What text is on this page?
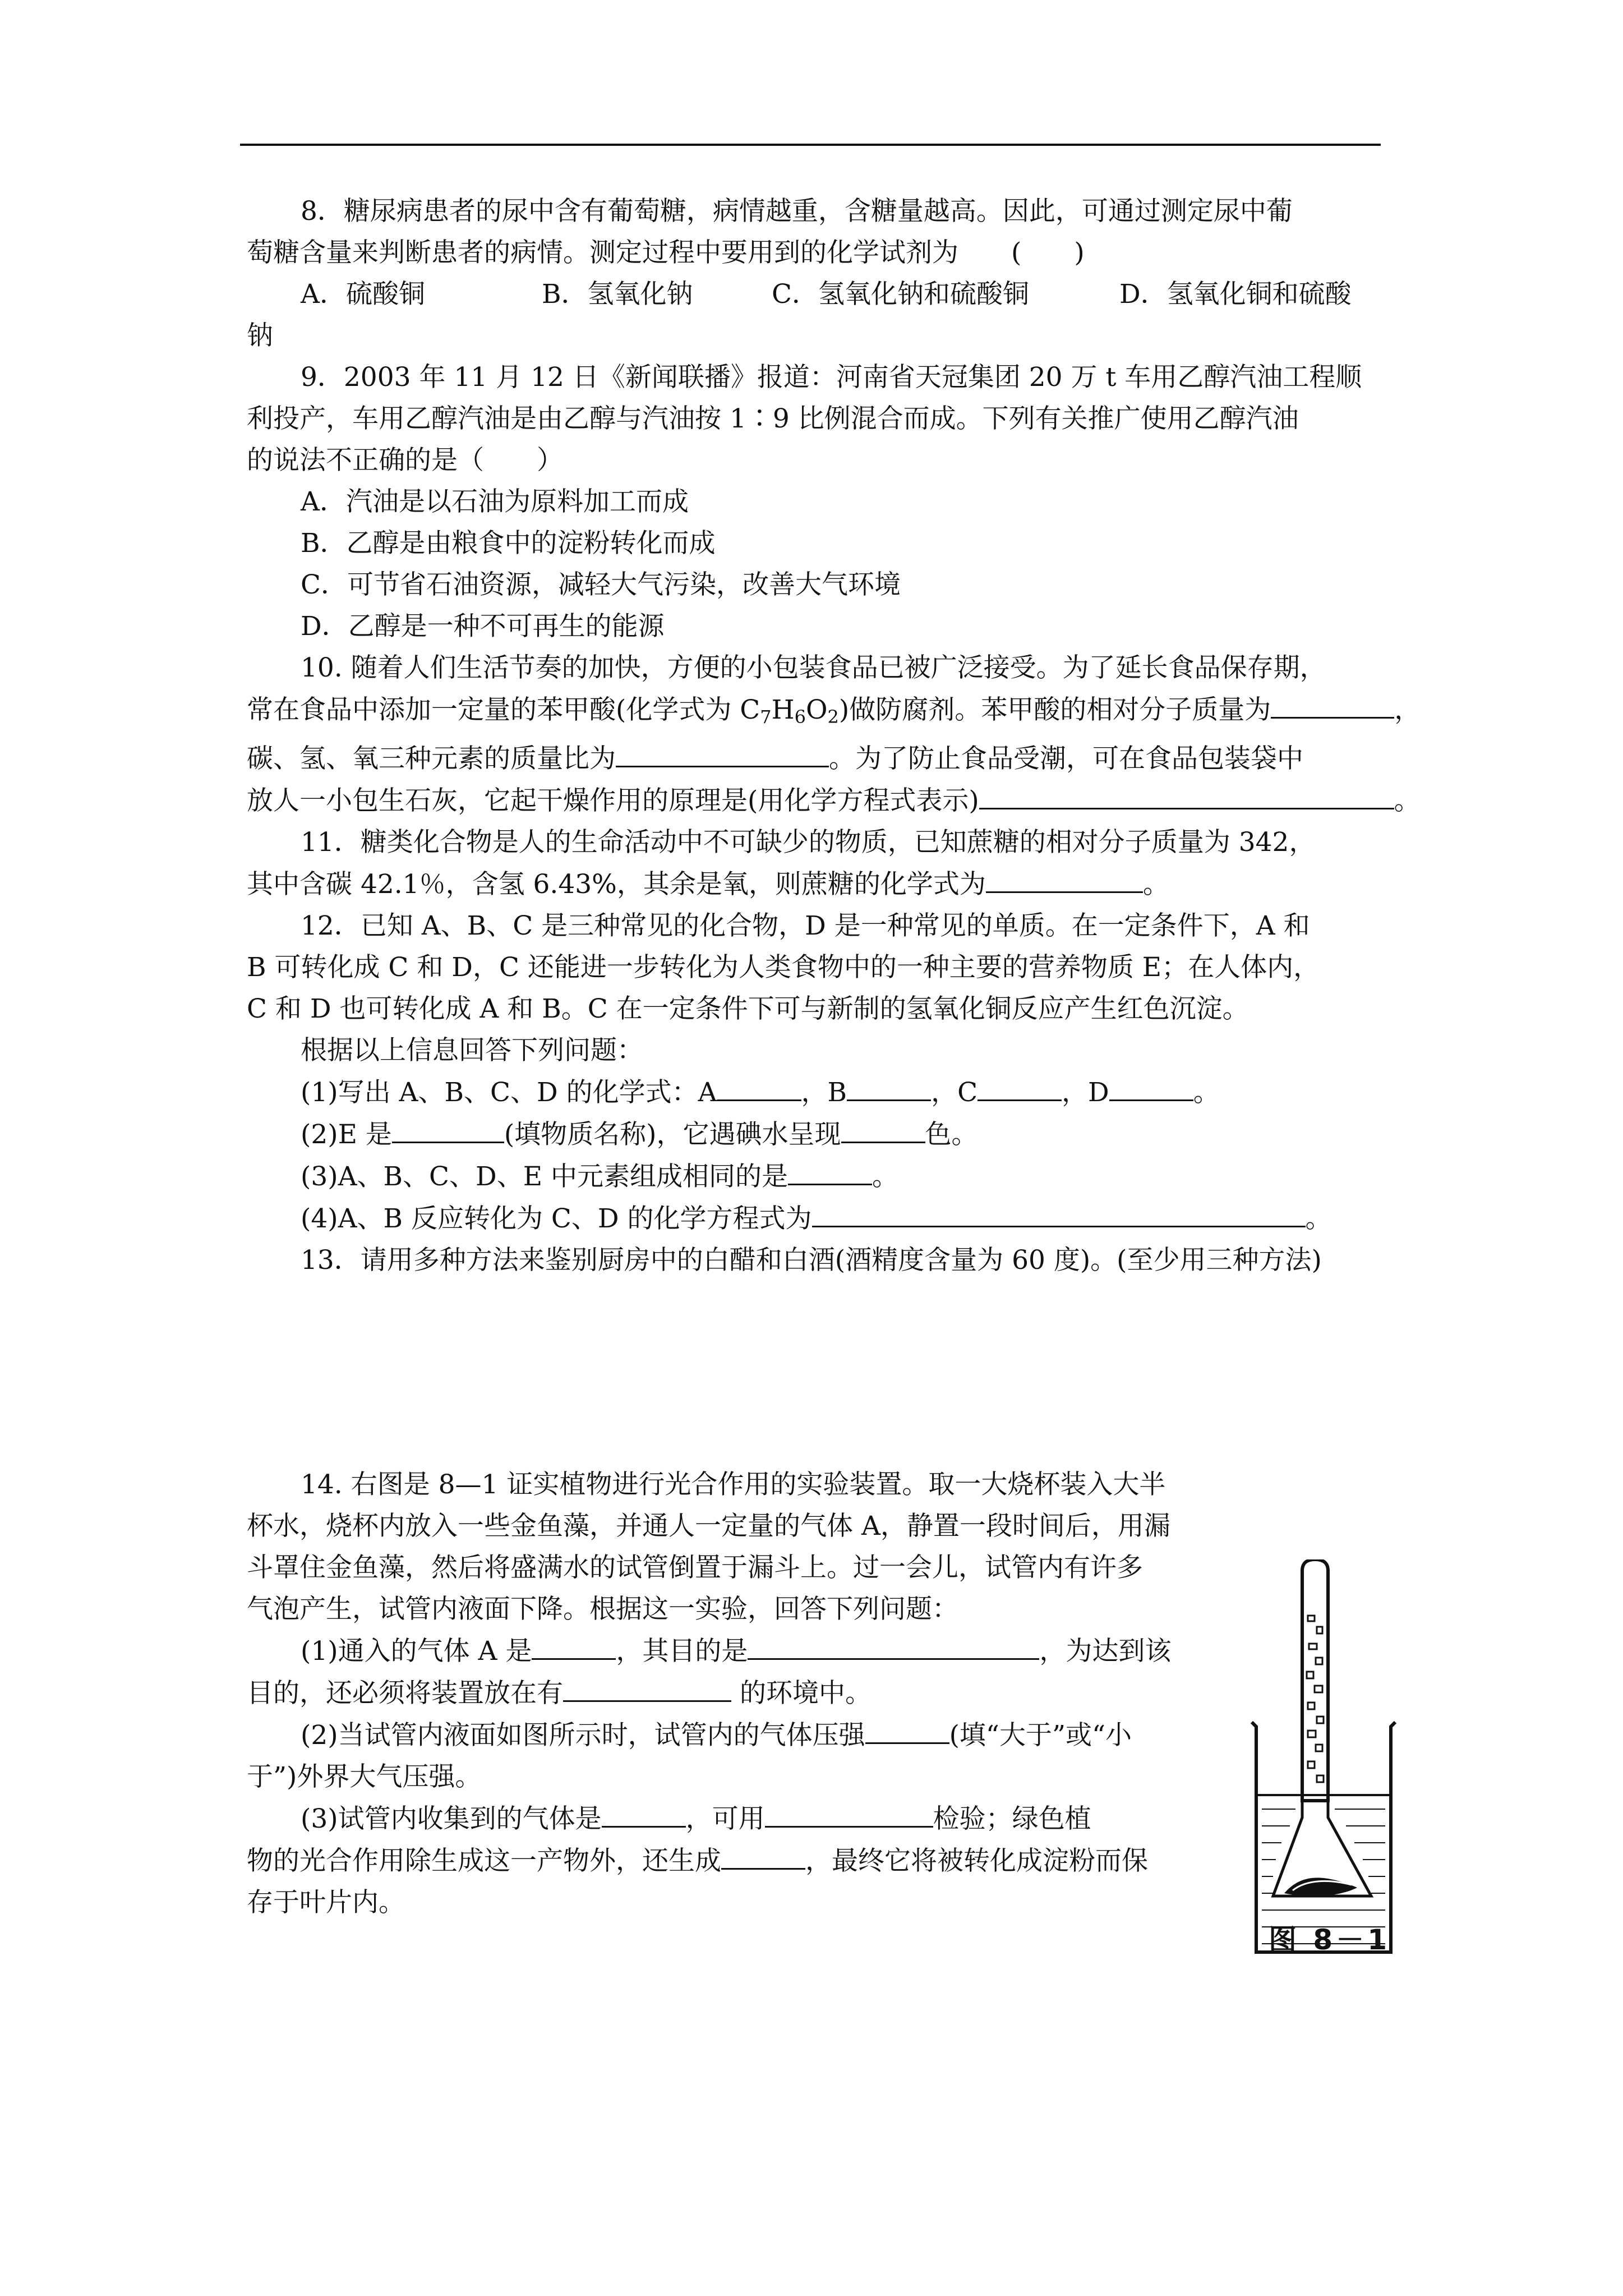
8．糖尿病患者的尿中含有葡萄糖，病情越重，含糖量越高。因此，可通过测定尿中葡

萄糖含量来判断患者的病情。测定过程中要用到的化学试剂为　　(　　)

A．硫酸铜	B．氢氧化钠	C．氢氧化钠和硫酸铜	D．氢氧化铜和硫酸

钠

9．2003 年 11 月 12 日《新闻联播》报道：河南省天冠集团 20 万 t 车用乙醇汽油工程顺

利投产，车用乙醇汽油是由乙醇与汽油按 1∶9 比例混合而成。下列有关推广使用乙醇汽油

的说法不正确的是（　　）

A．汽油是以石油为原料加工而成

B．乙醇是由粮食中的淀粉转化而成

C．可节省石油资源，减轻大气污染，改善大气环境

D．乙醇是一种不可再生的能源

10. 随着人们生活节奏的加快，方便的小包装食品已被广泛接受。为了延长食品保存期，

常在食品中添加一定量的苯甲酸(化学式为 $C_7H_6O_2$)做防腐剂。苯甲酸的相对分子质量为	，

碳、氢、氧三种元素的质量比为	。为了防止食品受潮，可在食品包装袋中

放人一小包生石灰，它起干燥作用的原理是(用化学方程式表示)	。

11．糖类化合物是人的生命活动中不可缺少的物质，已知蔗糖的相对分子质量为 342，

其中含碳 42.1％，含氢 6.43%，其余是氧，则蔗糖的化学式为	。

12．已知 A、B、C 是三种常见的化合物，D 是一种常见的单质。在一定条件下，A 和

B 可转化成 C 和 D，C 还能进一步转化为人类食物中的一种主要的营养物质 E；在人体内，

C 和 D 也可转化成 A 和 B。C 在一定条件下可与新制的氢氧化铜反应产生红色沉淀。

根据以上信息回答下列问题：

(1)写出 A、B、C、D 的化学式：A	，B	，C	，D	。

(2)E 是	(填物质名称)，它遇碘水呈现	色。

(3)A、B、C、D、E 中元素组成相同的是	。

(4)A、B 反应转化为 C、D 的化学方程式为	。

13．请用多种方法来鉴别厨房中的白醋和白酒(酒精度含量为 60 度)。(至少用三种方法)

14. 右图是 8—1 证实植物进行光合作用的实验装置。取一大烧杯装入大半

杯水，烧杯内放入一些金鱼藻，并通人一定量的气体 A，静置一段时间后，用漏

斗罩住金鱼藻，然后将盛满水的试管倒置于漏斗上。过一会儿，试管内有许多

气泡产生，试管内液面下降。根据这一实验，回答下列问题：

(1)通入的气体 A 是	，其目的是	，为达到该

目的，还必须将装置放在有	的环境中。

(2)当试管内液面如图所示时，试管内的气体压强	(填“大于”或“小

于”)外界大气压强。

(3)试管内收集到的气体是	，可用	检验；绿色植

物的光合作用除生成这一产物外，还生成	，最终它将被转化成淀粉而保

存于叶片内。

图 8－1
